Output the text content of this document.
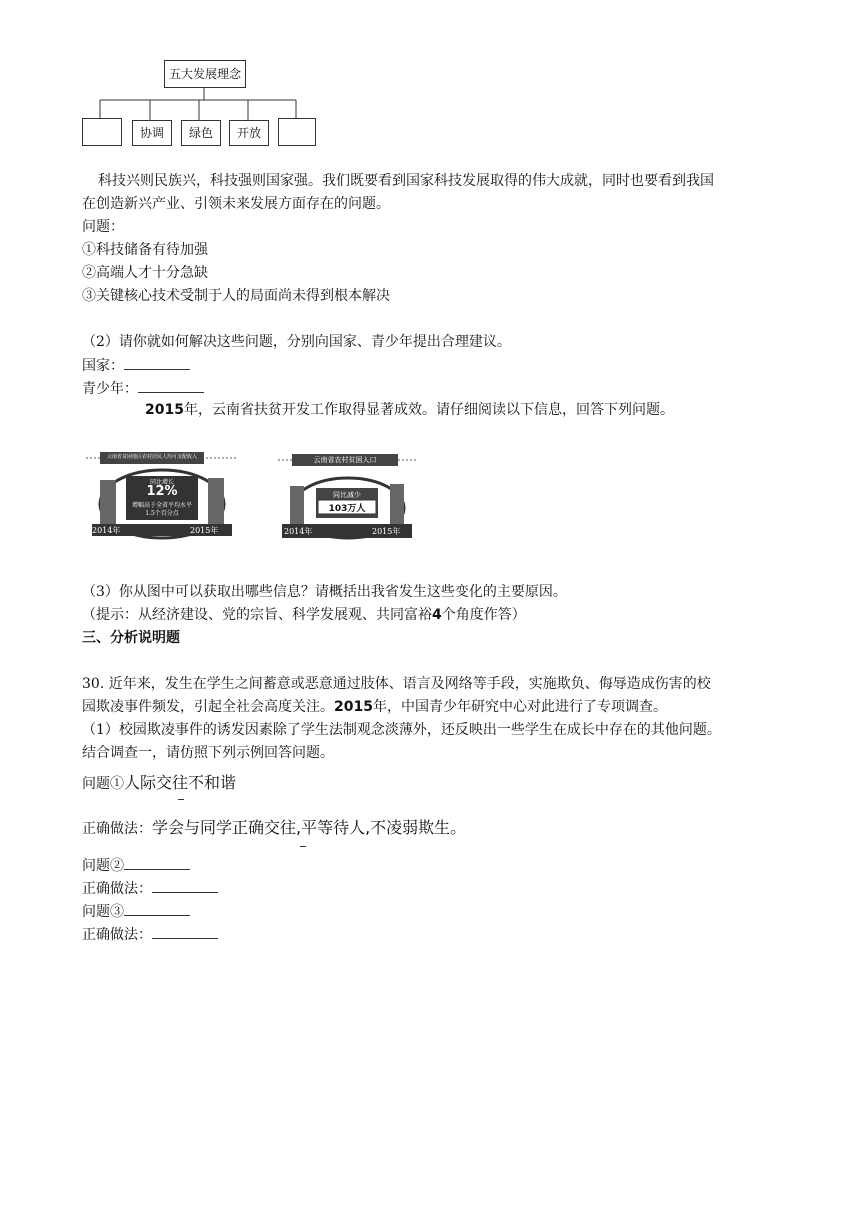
五大发展理念
协调	绿色	开放
科技兴则民族兴，科技强则国家强。我们既要看到国家科技发展取得的伟大成就，同时也要看到我国
在创造新兴产业、引领未来发展方面存在的问题。
问题：
①科技储备有待加强
②高端人才十分急缺
③关键核心技术受制于人的局面尚未得到根本解决
（2）请你就如何解决这些问题，分别向国家、青少年提出合理建议。
国家：
青少年：
2015年，云南省扶贫开发工作取得显著成效。请仔细阅读以下信息，回答下列问题。
云南省贫困地区农村居民人均可支配收入
同比增长
12%
增幅高于全省平均水平
1.5个百分点
2014年	2015年
云南省农村贫困人口
同比减少
103万人
2014年	2015年
（3）你从图中可以获取出哪些信息？请概括出我省发生这些变化的主要原因。
（提示：从经济建设、党的宗旨、科学发展观、共同富裕4个角度作答）
三、分析说明题
30. 近年来，发生在学生之间蓄意或恶意通过肢体、语言及网络等手段，实施欺负、侮辱造成伤害的校
园欺凌事件频发，引起全社会高度关注。2015年，中国青少年研究中心对此进行了专项调查。
（1）校园欺凌事件的诱发因素除了学生法制观念淡薄外，还反映出一些学生在成长中存在的其他问题。
结合调查一，请仿照下列示例回答问题。
问题①人际交往不和谐
正确做法：学会与同学正确交往,平等待人,不凌弱欺生。
问题②
正确做法：
问题③
正确做法：
